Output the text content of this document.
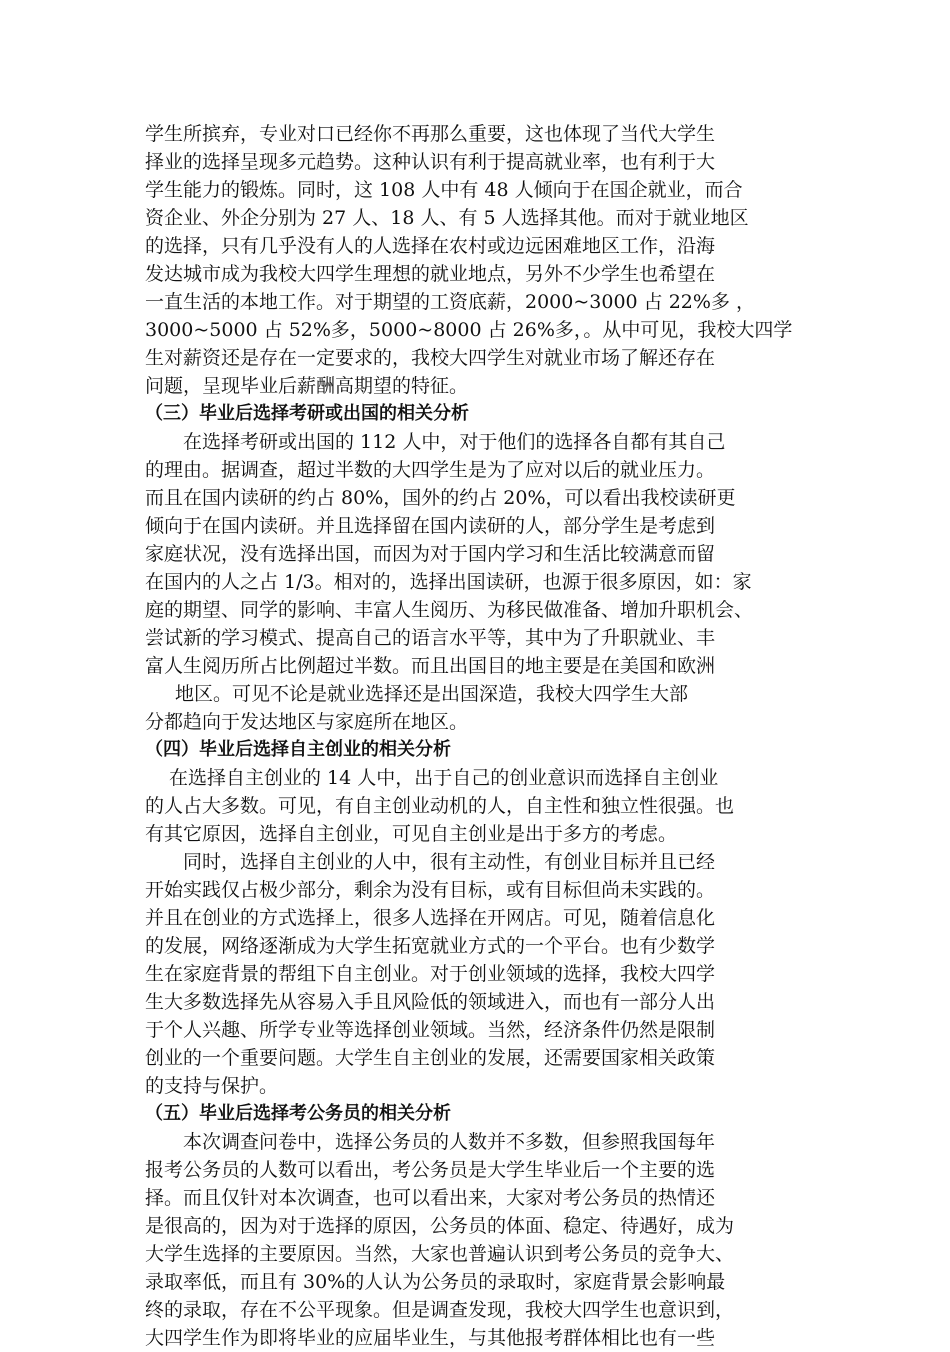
学生所摈弃，专业对口已经你不再那么重要，这也体现了当代大学生
择业的选择呈现多元趋势。这种认识有利于提高就业率，也有利于大
学生能力的锻炼。同时，这 108 人中有 48 人倾向于在国企就业，而合
资企业、外企分别为 27 人、18 人、有 5 人选择其他。而对于就业地区
的选择，只有几乎没有人的人选择在农村或边远困难地区工作，沿海
发达城市成为我校大四学生理想的就业地点，另外不少学生也希望在
一直生活的本地工作。对于期望的工资底薪，2000~3000 占 22%多 ，
3000~5000 占 52%多，5000~8000 占 26%多，。从中可见，我校大四学
生对薪资还是存在一定要求的，我校大四学生对就业市场了解还存在
问题，呈现毕业后薪酬高期望的特征。
（三）毕业后选择考研或出国的相关分析
在选择考研或出国的 112 人中，对于他们的选择各自都有其自己
的理由。据调查，超过半数的大四学生是为了应对以后的就业压力。
而且在国内读研的约占 80%，国外的约占 20%，可以看出我校读研更
倾向于在国内读研。并且选择留在国内读研的人，部分学生是考虑到
家庭状况，没有选择出国，而因为对于国内学习和生活比较满意而留
在国内的人之占 1/3。相对的，选择出国读研，也源于很多原因，如：家
庭的期望、同学的影响、丰富人生阅历、为移民做准备、增加升职机会、
尝试新的学习模式、提高自己的语言水平等，其中为了升职就业、丰
富人生阅历所占比例超过半数。而且出国目的地主要是在美国和欧洲
地区。可见不论是就业选择还是出国深造，我校大四学生大部
分都趋向于发达地区与家庭所在地区。
（四）毕业后选择自主创业的相关分析
在选择自主创业的 14 人中，出于自己的创业意识而选择自主创业
的人占大多数。可见，有自主创业动机的人，自主性和独立性很强。也
有其它原因，选择自主创业，可见自主创业是出于多方的考虑。
同时，选择自主创业的人中，很有主动性，有创业目标并且已经
开始实践仅占极少部分，剩余为没有目标，或有目标但尚未实践的。
并且在创业的方式选择上，很多人选择在开网店。可见，随着信息化
的发展，网络逐渐成为大学生拓宽就业方式的一个平台。也有少数学
生在家庭背景的帮组下自主创业。对于创业领域的选择，我校大四学
生大多数选择先从容易入手且风险低的领域进入，而也有一部分人出
于个人兴趣、所学专业等选择创业领域。当然，经济条件仍然是限制
创业的一个重要问题。大学生自主创业的发展，还需要国家相关政策
的支持与保护。
（五）毕业后选择考公务员的相关分析
本次调查问卷中，选择公务员的人数并不多数，但参照我国每年
报考公务员的人数可以看出，考公务员是大学生毕业后一个主要的选
择。而且仅针对本次调查，也可以看出来，大家对考公务员的热情还
是很高的，因为对于选择的原因，公务员的体面、稳定、待遇好，成为
大学生选择的主要原因。当然，大家也普遍认识到考公务员的竞争大、
录取率低，而且有 30%的人认为公务员的录取时，家庭背景会影响最
终的录取，存在不公平现象。但是调查发现，我校大四学生也意识到，
大四学生作为即将毕业的应届毕业生，与其他报考群体相比也有一些
